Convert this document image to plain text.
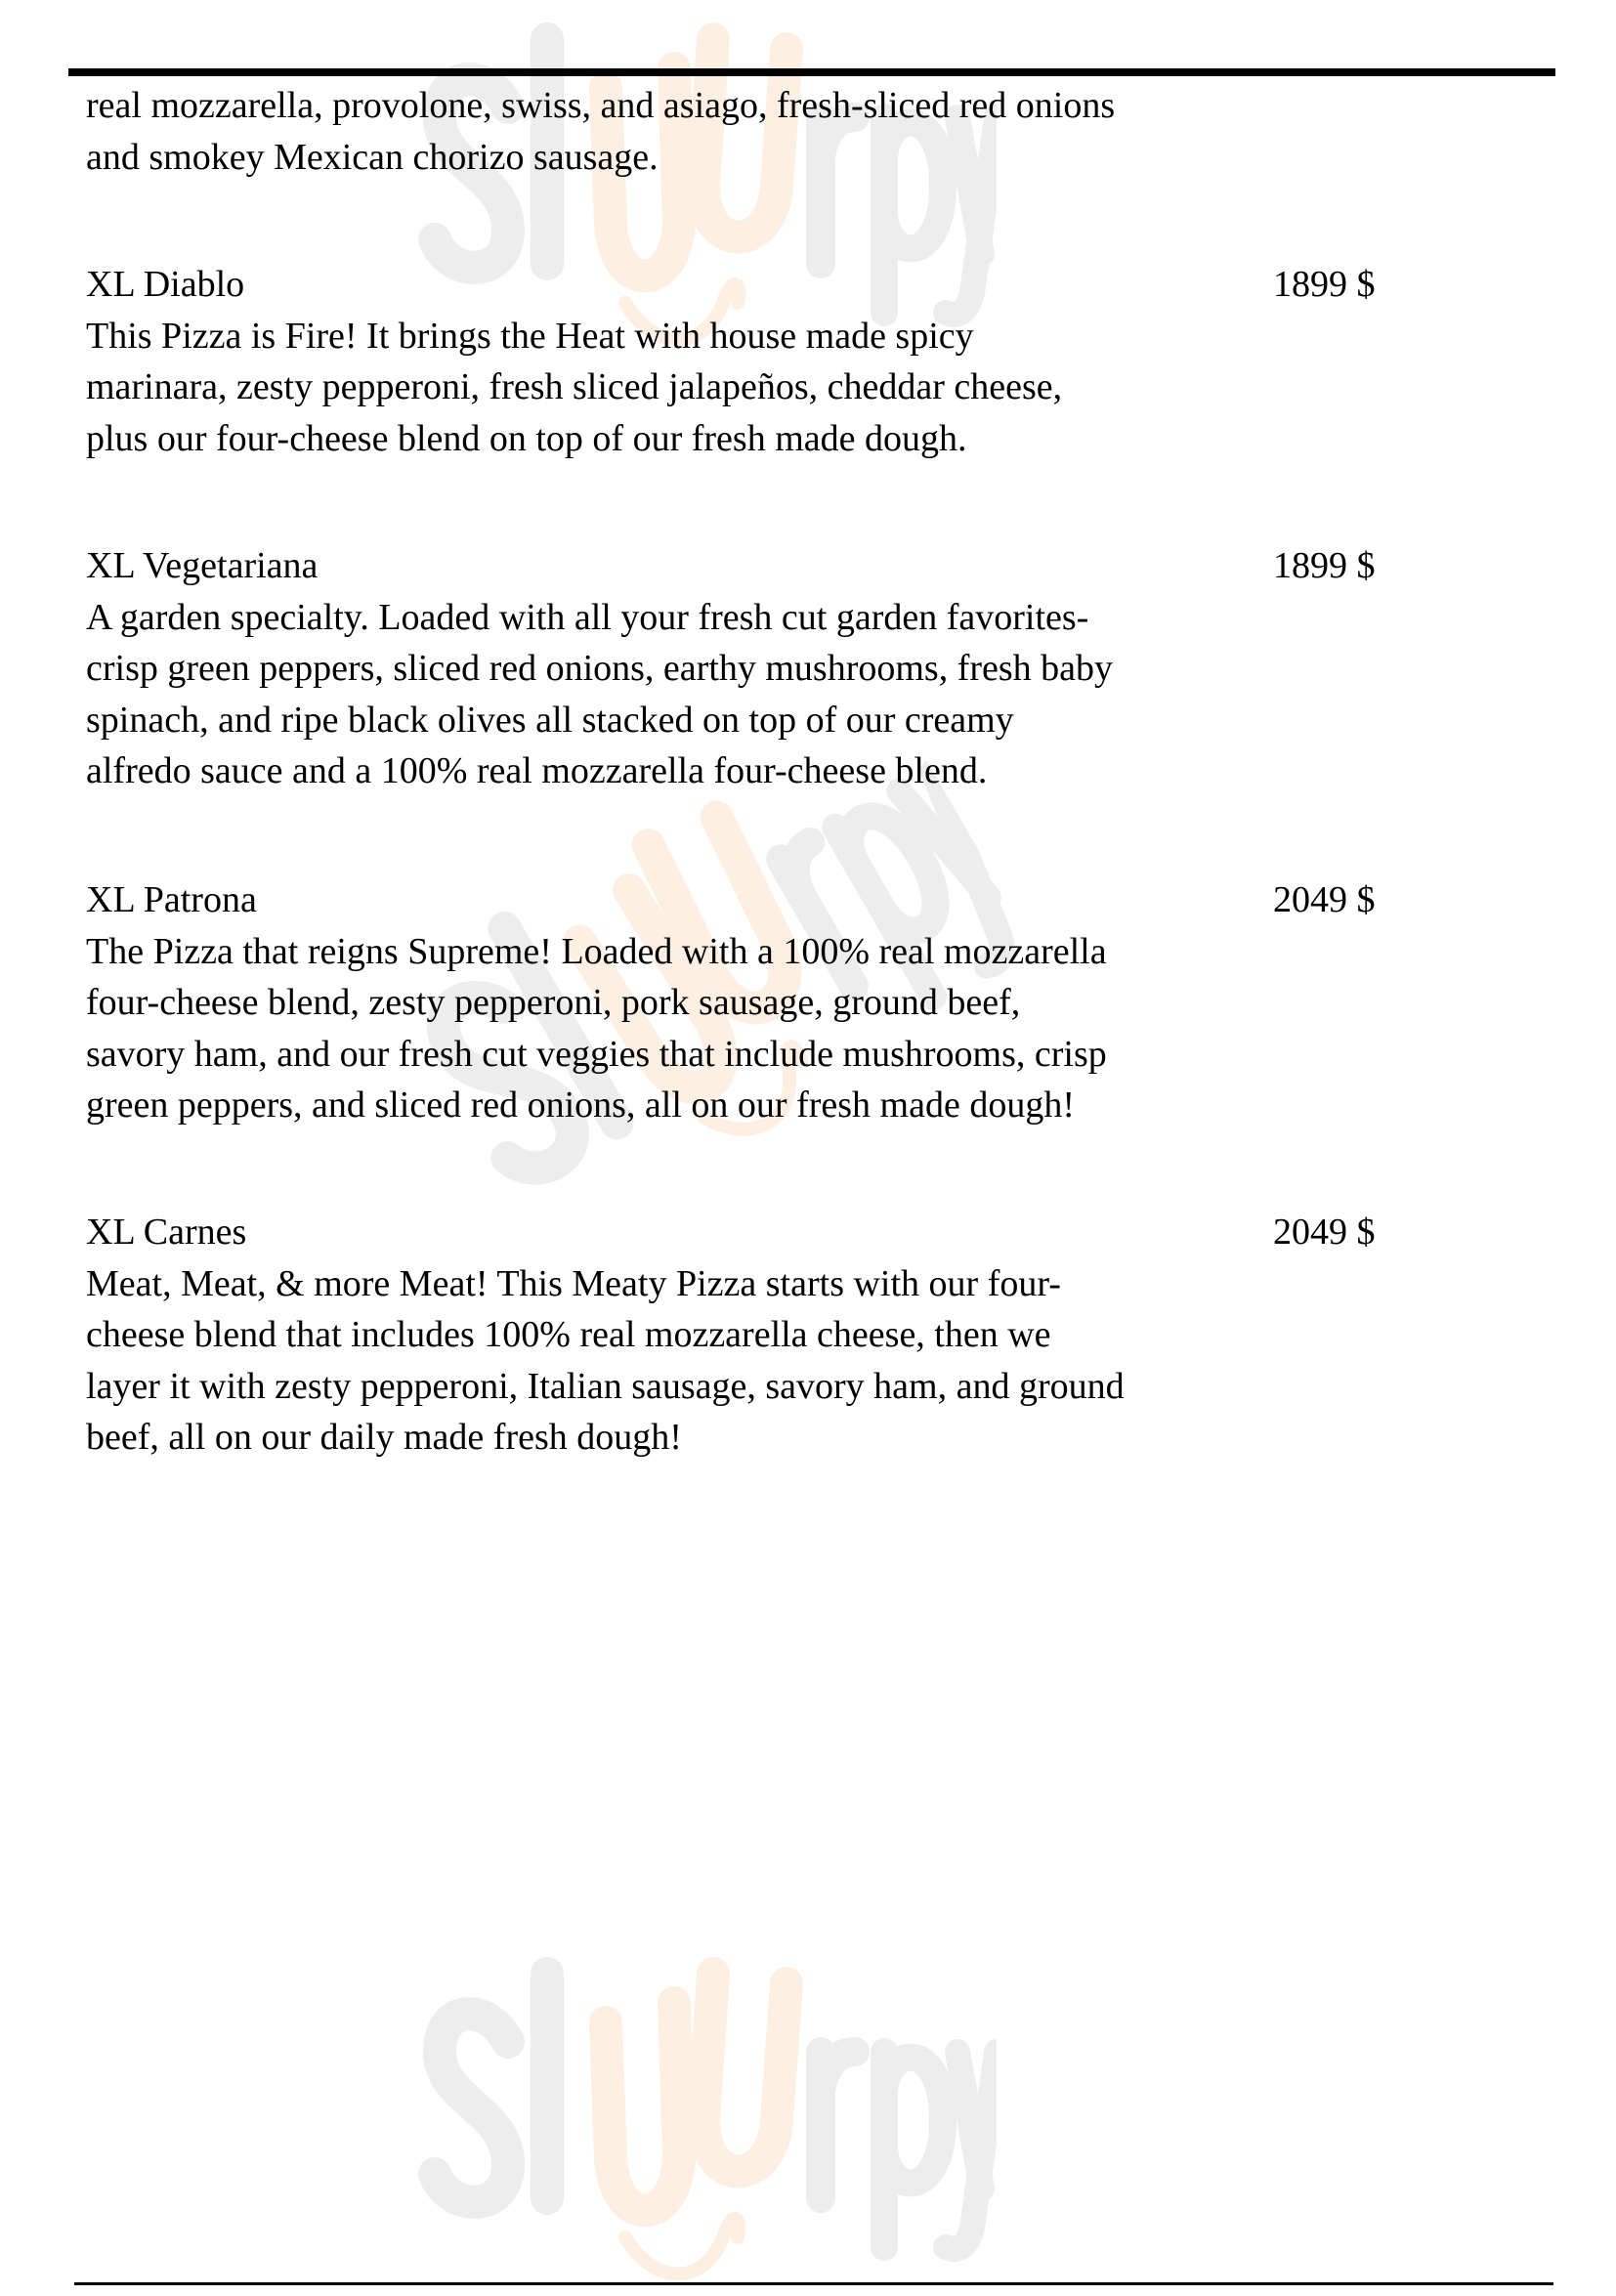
real mozzarella, provolone, swiss, and asiago, fresh-sliced red onions
and smokey Mexican chorizo sausage.
XL Diablo
This Pizza is Fire! It brings the Heat with house made spicy
marinara, zesty pepperoni, fresh sliced jalapeños, cheddar cheese,
plus our four-cheese blend on top of our fresh made dough.
1899 $
XL Vegetariana
A garden specialty. Loaded with all your fresh cut garden favorites-
crisp green peppers, sliced red onions, earthy mushrooms, fresh baby
spinach, and ripe black olives all stacked on top of our creamy
alfredo sauce and a 100% real mozzarella four-cheese blend.
1899 $
XL Patrona
The Pizza that reigns Supreme! Loaded with a 100% real mozzarella
four-cheese blend, zesty pepperoni, pork sausage, ground beef,
savory ham, and our fresh cut veggies that include mushrooms, crisp
green peppers, and sliced red onions, all on our fresh made dough!
2049 $
XL Carnes
Meat, Meat, & more Meat! This Meaty Pizza starts with our four-
cheese blend that includes 100% real mozzarella cheese, then we
layer it with zesty pepperoni, Italian sausage, savory ham, and ground
beef, all on our daily made fresh dough!
2049 $
